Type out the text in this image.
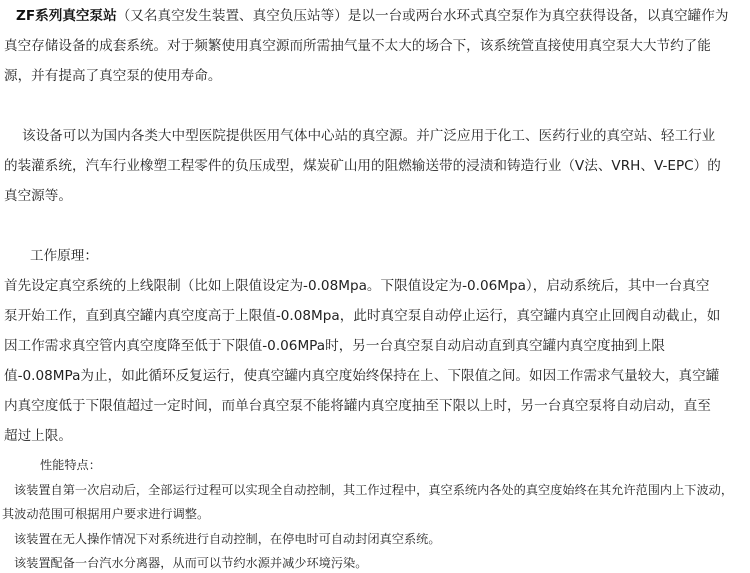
ZF系列真空泵站（又名真空发生装置、真空负压站等）是以一台或两台水环式真空泵作为真空获得设备，以真空罐作为
真空存储设备的成套系统。对于频繁使用真空源而所需抽气量不太大的场合下，该系统箮直接使用真空泵大大节约了能
源，并有提高了真空泵的使用寿命。
该设备可以为国内各类大中型医院提供医用气体中心站的真空源。并广泛应用于化工、医药行业的真空站、轻工行业
的装灌系统，汽车行业橡塑工程零件的负压成型，煤炭矿山用的阻燃输送带的浸渍和铸造行业（V法、VRH、V-EPC）的
真空源等。
工作原理：
首先设定真空系统的上线限制（比如上限值设定为-0.08Mpa。下限值设定为-0.06Mpa），启动系统后，其中一台真空
泵开始工作，直到真空罐内真空度高于上限值-0.08Mpa，此时真空泵自动停止运行，真空罐内真空止回阀自动截止，如
因工作需求真空管内真空度降至低于下限值-0.06MPa时，另一台真空泵自动启动直到真空罐内真空度抽到上限
值-0.08MPa为止，如此循环反复运行，使真空罐内真空度始终保持在上、下限值之间。如因工作需求气量较大，真空罐
内真空度低于下限值超过一定时间，而单台真空泵不能将罐内真空度抽至下限以上时，另一台真空泵将自动启动，直至
超过上限。
性能特点：
该装置自第一次启动后，全部运行过程可以实现全自动控制，其工作过程中，真空系统内各处的真空度始终在其允许范围内上下波动，
其波动范围可根据用户要求进行调整。
该装置在无人操作情况下对系统进行自动控制，在停电时可自动封闭真空系统。
该装置配备一台汽水分离器，从而可以节约水源并减少环境污染。
